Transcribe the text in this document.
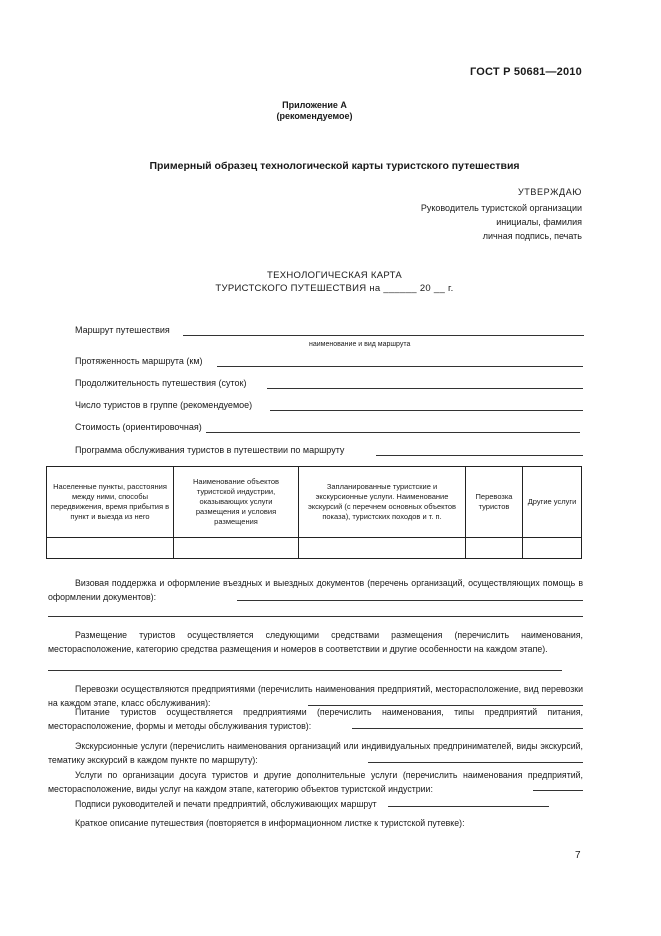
ГОСТ Р 50681—2010
Приложение А
(рекомендуемое)
Примерный образец технологической карты туристского путешествия
УТВЕРЖДАЮ
Руководитель туристской организации
инициалы, фамилия
личная подпись, печать
ТЕХНОЛОГИЧЕСКАЯ КАРТА
ТУРИСТСКОГО ПУТЕШЕСТВИЯ на ______ 20 __ г.
Маршрут путешествия
наименование и вид маршрута
Протяженность маршрута (км)
Продолжительность путешествия (суток)
Число туристов в группе (рекомендуемое)
Стоимость (ориентировочная)
Программа обслуживания туристов в путешествии по маршруту
Населенные пункты, расстояния между ними, способы передвижения, время прибытия в пункт и выезда из него	Наименование объектов туристской индустрии, оказывающих услуги размещения и условия размещения	Запланированные туристские и экскурсионные услуги. Наименование экскурсий (с перечнем основных объектов показа), туристских походов и т. п.	Перевозка туристов	Другие услуги

Визовая поддержка и оформление въездных и выездных документов (перечень организаций, осуществляющих помощь в оформлении документов):
Размещение туристов осуществляется следующими средствами размещения (перечислить наименования, месторасположение, категорию средства размещения и номеров в соответствии и другие особенности на каждом этапе).
Перевозки осуществляются предприятиями (перечислить наименования предприятий, месторасположение, вид перевозки на каждом этапе, класс обслуживания):
Питание туристов осуществляется предприятиями (перечислить наименования, типы предприятий питания, месторасположение, формы и методы обслуживания туристов):
Экскурсионные услуги (перечислить наименования организаций или индивидуальных предпринимателей, виды экскурсий, тематику экскурсий в каждом пункте по маршруту):
Услуги по организации досуга туристов и другие дополнительные услуги (перечислить наименования предприятий, месторасположение, виды услуг на каждом этапе, категорию объектов туристской индустрии:
Подписи руководителей и печати предприятий, обслуживающих маршрут
Краткое описание путешествия (повторяется в информационном листке к туристской путевке):
7
